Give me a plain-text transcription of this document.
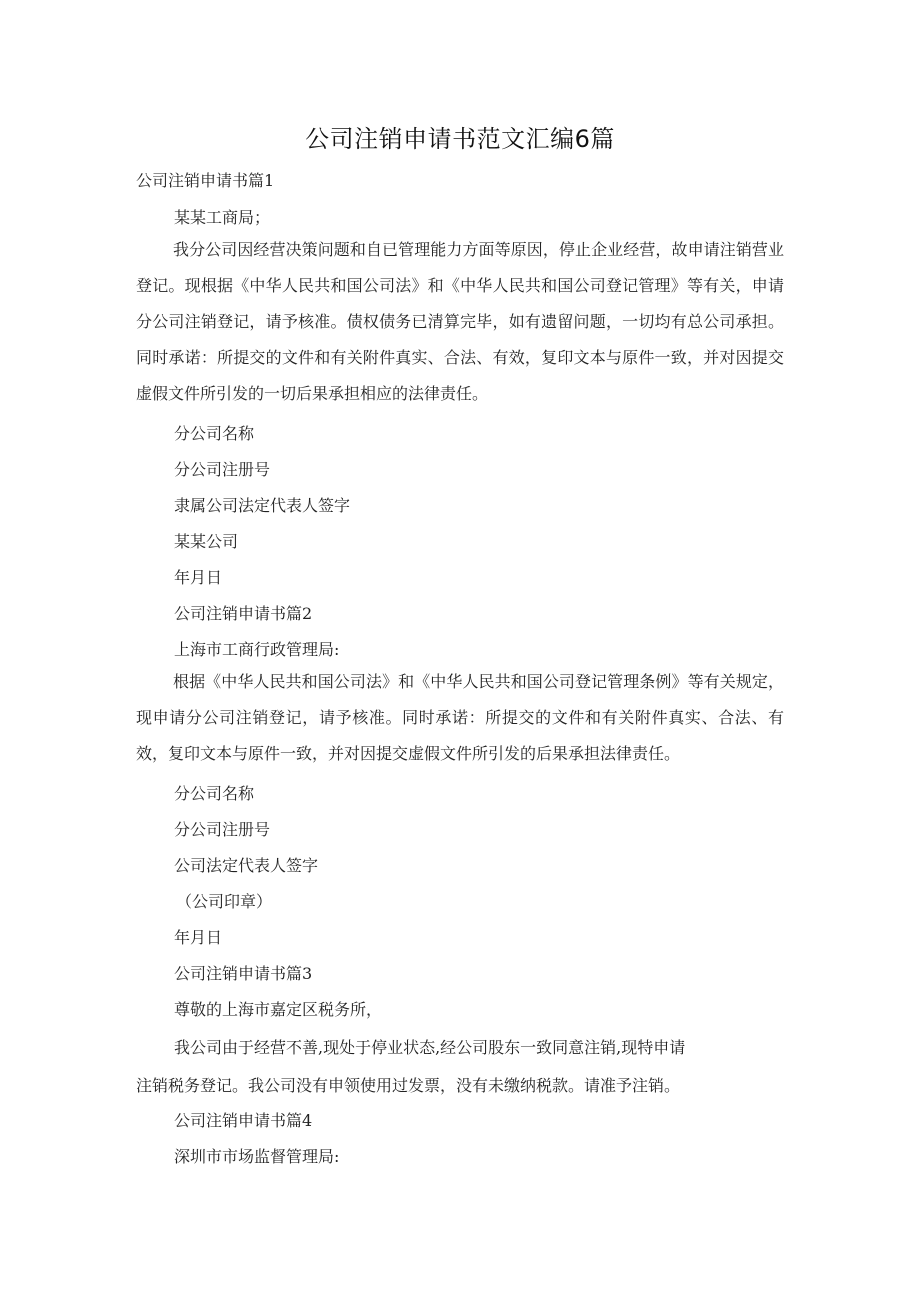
公司注销申请书范文汇编6篇
公司注销申请书篇1
某某工商局；
我分公司因经营决策问题和自已管理能力方面等原因，停止企业经营，故申请注销营业登记。现根据《中华人民共和国公司法》和《中华人民共和国公司登记管理》等有关，申请分公司注销登记，请予核准。债权债务已清算完毕，如有遗留问题，一切均有总公司承担。同时承诺：所提交的文件和有关附件真实、合法、有效，复印文本与原件一致，并对因提交虚假文件所引发的一切后果承担相应的法律责任。
分公司名称
分公司注册号
隶属公司法定代表人签字
某某公司
年月日
公司注销申请书篇2
上海市工商行政管理局:
根据《中华人民共和国公司法》和《中华人民共和国公司登记管理条例》等有关规定，现申请分公司注销登记，请予核准。同时承诺：所提交的文件和有关附件真实、合法、有效，复印文本与原件一致，并对因提交虚假文件所引发的后果承担法律责任。
分公司名称
分公司注册号
公司法定代表人签字
（公司印章）
年月日
公司注销申请书篇3
尊敬的上海市嘉定区税务所，
我公司由于经营不善,现处于停业状态,经公司股东一致同意注销,现特申请
注销税务登记。我公司没有申领使用过发票，没有未缴纳税款。请准予注销。
公司注销申请书篇4
深圳市市场监督管理局:
